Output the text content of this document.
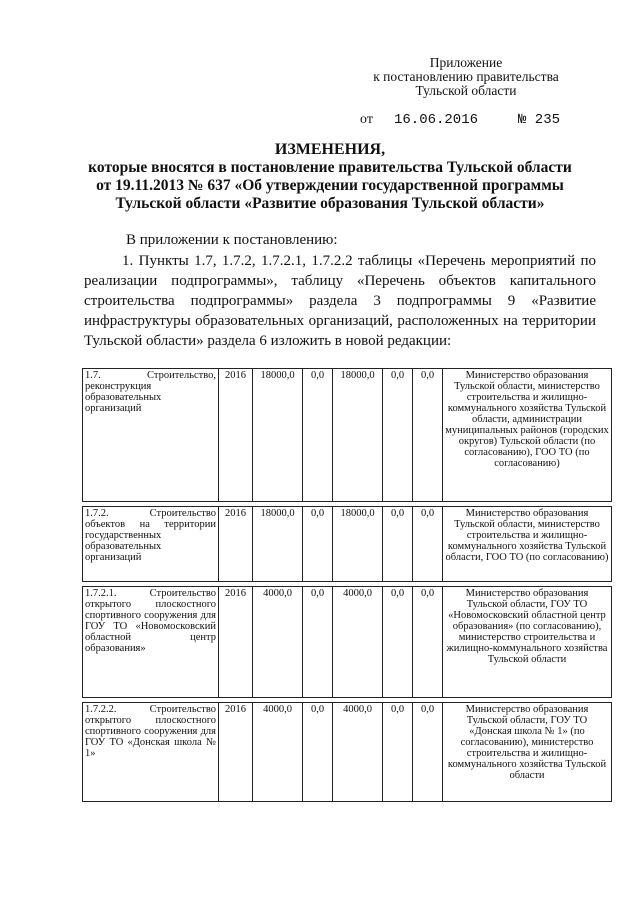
Приложение
к постановлению правительства
Тульской области
от 16.06.2016	№ 235
ИЗМЕНЕНИЯ,
которые вносятся в постановление правительства Тульской области
от 19.11.2013 № 637 «Об утверждении государственной программы
Тульской области «Развитие образования Тульской области»
В приложении к постановлению:
1. Пункты 1.7, 1.7.2, 1.7.2.1, 1.7.2.2 таблицы «Перечень мероприятий по реализации подпрограммы», таблицу «Перечень объектов капитального строительства подпрограммы» раздела 3 подпрограммы 9 «Развитие инфраструктуры образовательных организаций, расположенных на территории Тульской области» раздела 6 изложить в новой редакции:
1.7. Строительство, реконструкция образовательных организаций	2016	18000,0	0,0	18000,0	0,0	0,0	Министерство образования Тульской области, министерство строительства и жилищно-коммунального хозяйства Тульской области, администрации муниципальных районов (городских округов) Тульской области (по согласованию), ГОО ТО (по согласованию)
1.7.2. Строительство объектов на территории государственных образовательных организаций	2016	18000,0	0,0	18000,0	0,0	0,0	Министерство образования Тульской области, министерство строительства и жилищно-коммунального хозяйства Тульской области, ГОО ТО (по согласованию)
1.7.2.1. Строительство открытого плоскостного спортивного сооружения для ГОУ ТО «Новомосковский областной центр образования»	2016	4000,0	0,0	4000,0	0,0	0,0	Министерство образования Тульской области, ГОУ ТО «Новомосковский областной центр образования» (по согласованию), министерство строительства и жилищно-коммунального хозяйства Тульской области
1.7.2.2. Строительство открытого плоскостного спортивного сооружения для ГОУ ТО «Донская школа № 1»	2016	4000,0	0,0	4000,0	0,0	0,0	Министерство образования Тульской области, ГОУ ТО «Донская школа № 1» (по согласованию), министерство строительства и жилищно-коммунального хозяйства Тульской области
